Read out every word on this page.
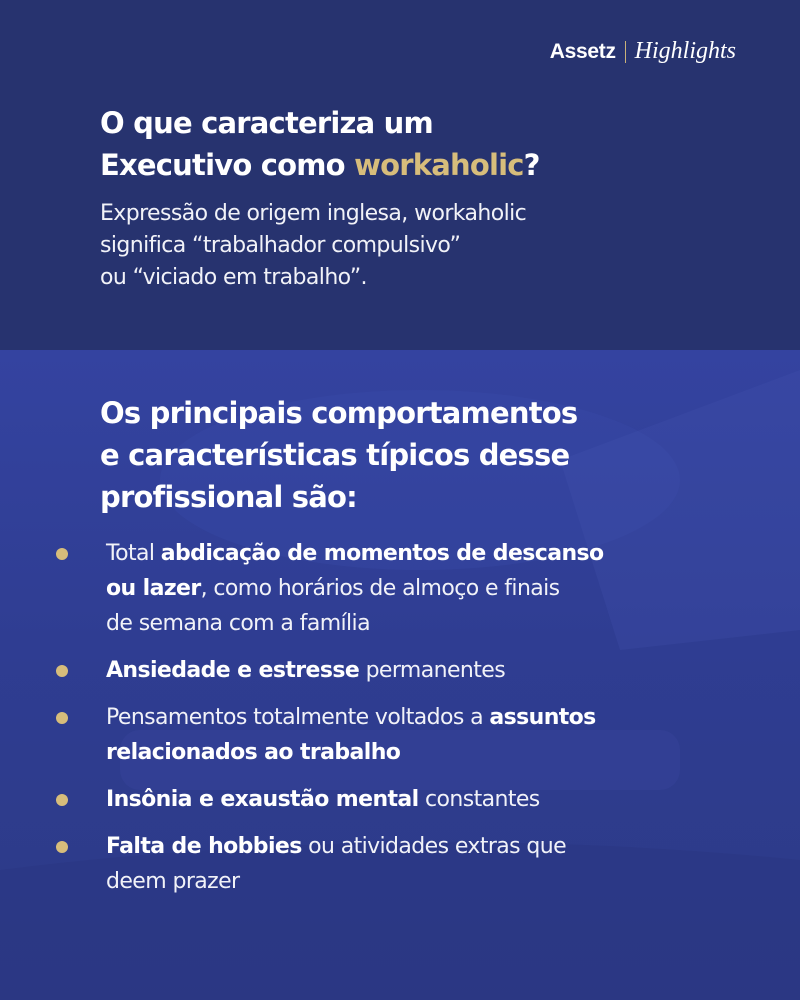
Assetz Highlights
O que caracteriza um
Executivo como workaholic?

Expressão de origem inglesa, workaholic
significa “trabalhador compulsivo”
ou “viciado em trabalho”.

Os principais comportamentos
e características típicos desse
profissional são:
Total abdicação de momentos de descanso
ou lazer, como horários de almoço e finais
de semana com a família
Ansiedade e estresse permanentes
Pensamentos totalmente voltados a assuntos
relacionados ao trabalho
Insônia e exaustão mental constantes
Falta de hobbies ou atividades extras que
deem prazer
